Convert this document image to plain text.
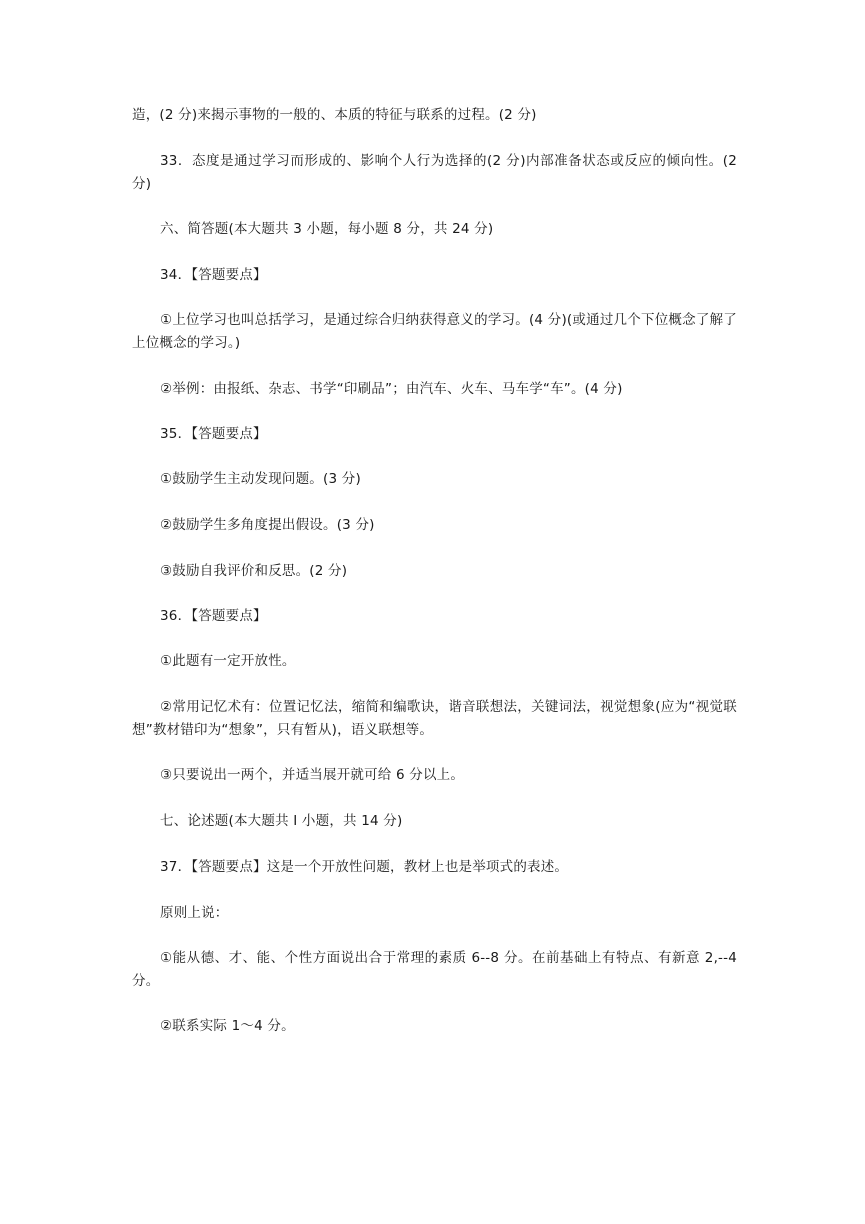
造，(2 分)来揭示事物的一般的、本质的特征与联系的过程。(2 分)

33．态度是通过学习而形成的、影响个人行为选择的(2 分)内部准备状态或反应的倾向性。(2 分)

六、简答题(本大题共 3 小题，每小题 8 分，共 24 分)

34．【答题要点】

①上位学习也叫总括学习，是通过综合归纳获得意义的学习。(4 分)(或通过几个下位概念了解了上位概念的学习。)

②举例：由报纸、杂志、书学“印刷品”；由汽车、火车、马车学“车”。(4 分)

35．【答题要点】

①鼓励学生主动发现问题。(3 分)

②鼓励学生多角度提出假设。(3 分)

③鼓励自我评价和反思。(2 分)

36．【答题要点】

①此题有一定开放性。

②常用记忆术有：位置记忆法，缩简和编歌诀，谐音联想法，关键词法，视觉想象(应为“视觉联想”教材错印为“想象”，只有暂从)，语义联想等。

③只要说出一两个，并适当展开就可给 6 分以上。

七、论述题(本大题共 I 小题，共 14 分)

37．【答题要点】这是一个开放性问题，教材上也是举项式的表述。

原则上说：

①能从德、才、能、个性方面说出合于常理的素质 6--8 分。在前基础上有特点、有新意 2,--4 分。

②联系实际 1～4 分。
